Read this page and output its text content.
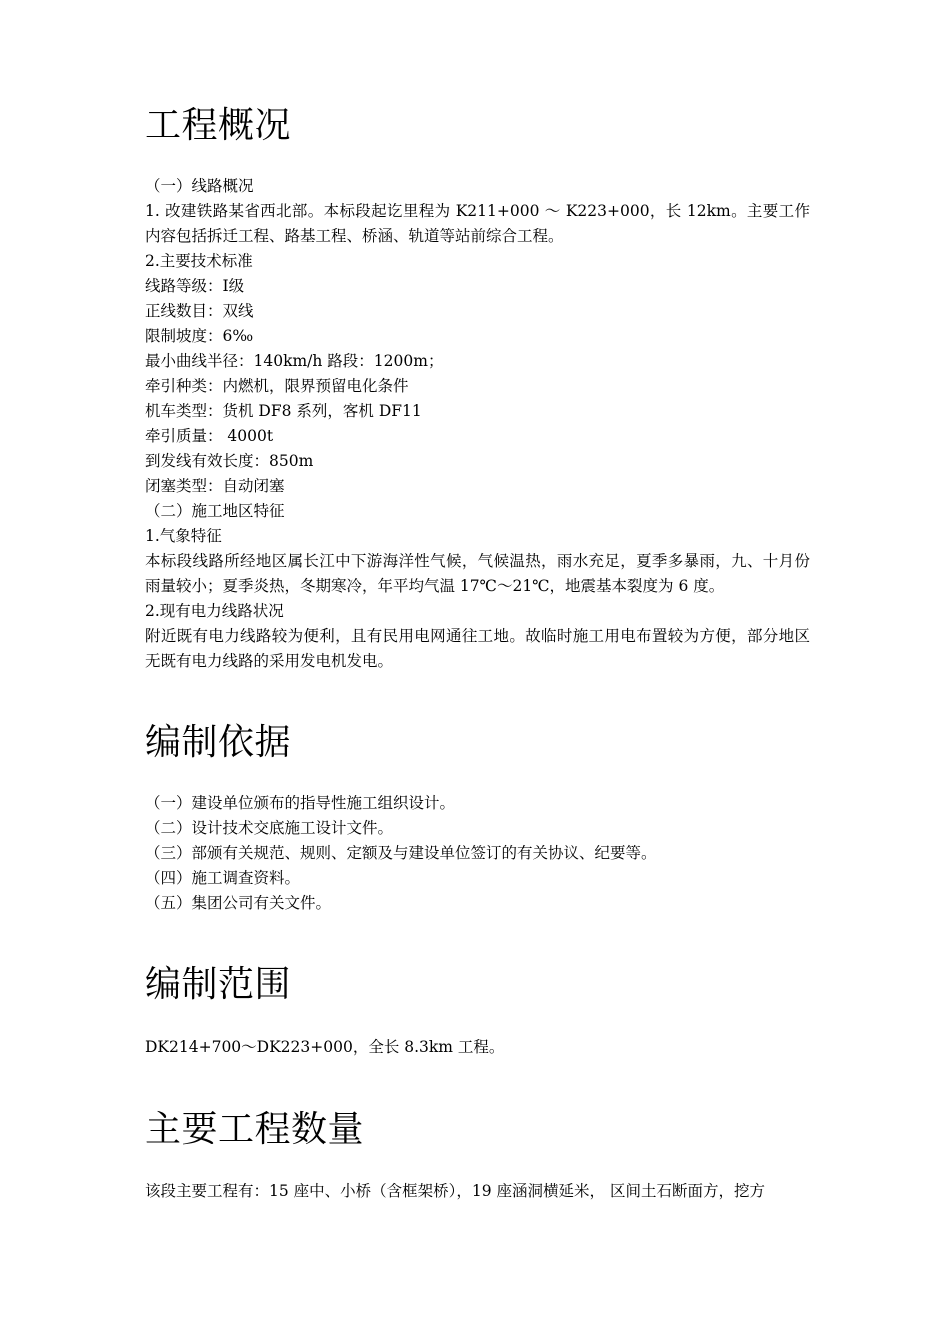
工程概况

（一）线路概况

1. 改建铁路某省西北部。本标段起讫里程为 K211+000 ～ K223+000，长 12km。主要工作内容包括拆迁工程、路基工程、桥涵、轨道等站前综合工程。

2.主要技术标准

线路等级：Ⅰ级

正线数目：双线

限制坡度：6‰

最小曲线半径：140km/h 路段：1200m；

牵引种类：内燃机，限界预留电化条件

机车类型：货机 DF8 系列，客机 DF11

牵引质量： 4000t

到发线有效长度：850m

闭塞类型：自动闭塞

（二）施工地区特征

1.气象特征

本标段线路所经地区属长江中下游海洋性气候，气候温热，雨水充足，夏季多暴雨，九、十月份雨量较小；夏季炎热，冬期寒冷，年平均气温 17℃～21℃，地震基本裂度为 6 度。

2.现有电力线路状况

附近既有电力线路较为便利，且有民用电网通往工地。故临时施工用电布置较为方便，部分地区无既有电力线路的采用发电机发电。

编制依据

（一）建设单位颁布的指导性施工组织设计。

（二）设计技术交底施工设计文件。

（三）部颁有关规范、规则、定额及与建设单位签订的有关协议、纪要等。

（四）施工调查资料。

（五）集团公司有关文件。

编制范围

DK214+700～DK223+000，全长 8.3km 工程。

主要工程数量

该段主要工程有：15 座中、小桥（含框架桥），19 座涵洞横延米， 区间土石断面方，挖方
